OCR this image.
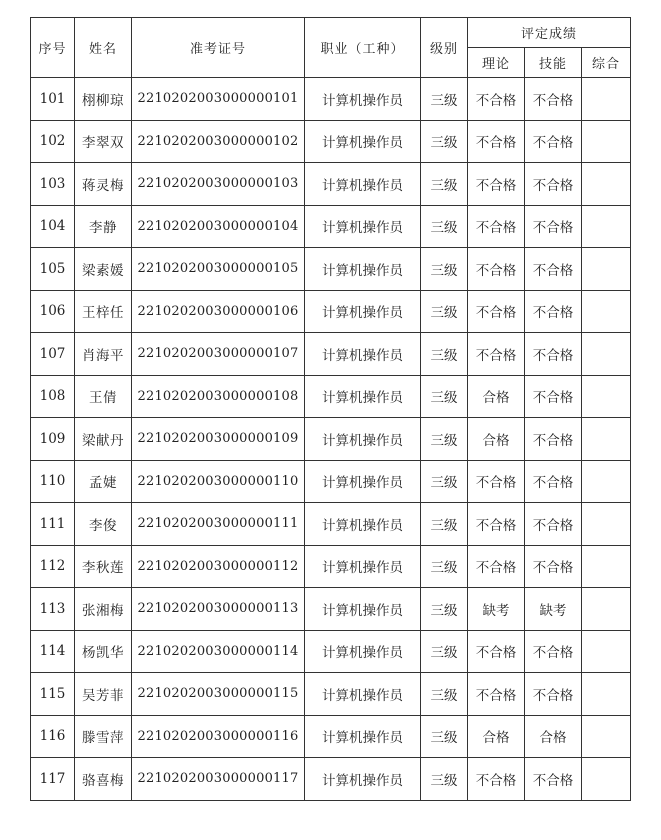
序号	姓名	准考证号	职业（工种）	级别	评定成绩		
					理论	技能	综合
101	栩柳琼	2210202003000000101	计算机操作员	三级	不合格	不合格	
102	李翠双	2210202003000000102	计算机操作员	三级	不合格	不合格	
103	蒋灵梅	2210202003000000103	计算机操作员	三级	不合格	不合格	
104	李静	2210202003000000104	计算机操作员	三级	不合格	不合格	
105	梁素媛	2210202003000000105	计算机操作员	三级	不合格	不合格	
106	王梓任	2210202003000000106	计算机操作员	三级	不合格	不合格	
107	肖海平	2210202003000000107	计算机操作员	三级	不合格	不合格	
108	王倩	2210202003000000108	计算机操作员	三级	合格	不合格	
109	梁献丹	2210202003000000109	计算机操作员	三级	合格	不合格	
110	孟婕	2210202003000000110	计算机操作员	三级	不合格	不合格	
111	李俊	2210202003000000111	计算机操作员	三级	不合格	不合格	
112	李秋莲	2210202003000000112	计算机操作员	三级	不合格	不合格	
113	张湘梅	2210202003000000113	计算机操作员	三级	缺考	缺考	
114	杨凯华	2210202003000000114	计算机操作员	三级	不合格	不合格	
115	吴芳菲	2210202003000000115	计算机操作员	三级	不合格	不合格	
116	滕雪萍	2210202003000000116	计算机操作员	三级	合格	合格	
117	骆喜梅	2210202003000000117	计算机操作员	三级	不合格	不合格	
